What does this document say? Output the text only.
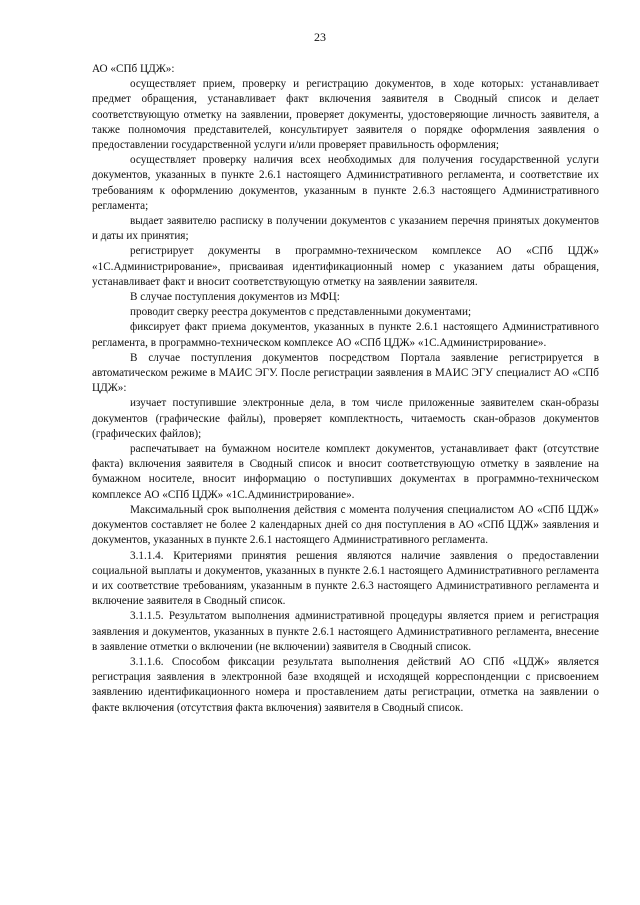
23

АО «СПб ЦДЖ»:

осуществляет прием, проверку и регистрацию документов, в ходе которых: устанавливает предмет обращения, устанавливает факт включения заявителя в Сводный список и делает соответствующую отметку на заявлении, проверяет документы, удостоверяющие личность заявителя, а также полномочия представителей, консультирует заявителя о порядке оформления заявления о предоставлении государственной услуги и/или проверяет правильность оформления;

осуществляет проверку наличия всех необходимых для получения государственной услуги документов, указанных в пункте 2.6.1 настоящего Административного регламента, и соответствие их требованиям к оформлению документов, указанным в пункте 2.6.3 настоящего Административного регламента;

выдает заявителю расписку в получении документов с указанием перечня принятых документов и даты их принятия;

регистрирует документы в программно-техническом комплексе АО «СПб ЦДЖ» «1С.Администрирование», присваивая идентификационный номер с указанием даты обращения, устанавливает факт и вносит соответствующую отметку на заявлении заявителя.

В случае поступления документов из МФЦ:

проводит сверку реестра документов с представленными документами;

фиксирует факт приема документов, указанных в пункте 2.6.1 настоящего Административного регламента, в программно-техническом комплексе АО «СПб ЦДЖ» «1С.Администрирование».

В случае поступления документов посредством Портала заявление регистрируется в автоматическом режиме в МАИС ЭГУ. После регистрации заявления в МАИС ЭГУ специалист АО «СПб ЦДЖ»:

изучает поступившие электронные дела, в том числе приложенные заявителем скан-образы документов (графические файлы), проверяет комплектность, читаемость скан-образов документов (графических файлов);

распечатывает на бумажном носителе комплект документов, устанавливает факт (отсутствие факта) включения заявителя в Сводный список и вносит соответствующую отметку в заявление на бумажном носителе, вносит информацию о поступивших документах в программно-техническом комплексе АО «СПб ЦДЖ» «1С.Администрирование».

Максимальный срок выполнения действия с момента получения специалистом АО «СПб ЦДЖ» документов составляет не более 2 календарных дней со дня поступления в АО «СПб ЦДЖ» заявления и документов, указанных в пункте 2.6.1 настоящего Административного регламента.

3.1.1.4. Критериями принятия решения являются наличие заявления о предоставлении социальной выплаты и документов, указанных в пункте 2.6.1 настоящего Административного регламента и их соответствие требованиям, указанным в пункте 2.6.3 настоящего Административного регламента и включение заявителя в Сводный список.

3.1.1.5. Результатом выполнения административной процедуры является прием и регистрация заявления и документов, указанных в пункте 2.6.1 настоящего Административного регламента, внесение в заявление отметки о включении (не включении) заявителя в Сводный список.

3.1.1.6. Способом фиксации результата выполнения действий АО СПб «ЦДЖ» является регистрация заявления в электронной базе входящей и исходящей корреспонденции с присвоением заявлению идентификационного номера и проставлением даты регистрации, отметка на заявлении о факте включения (отсутствия факта включения) заявителя в Сводный список.
